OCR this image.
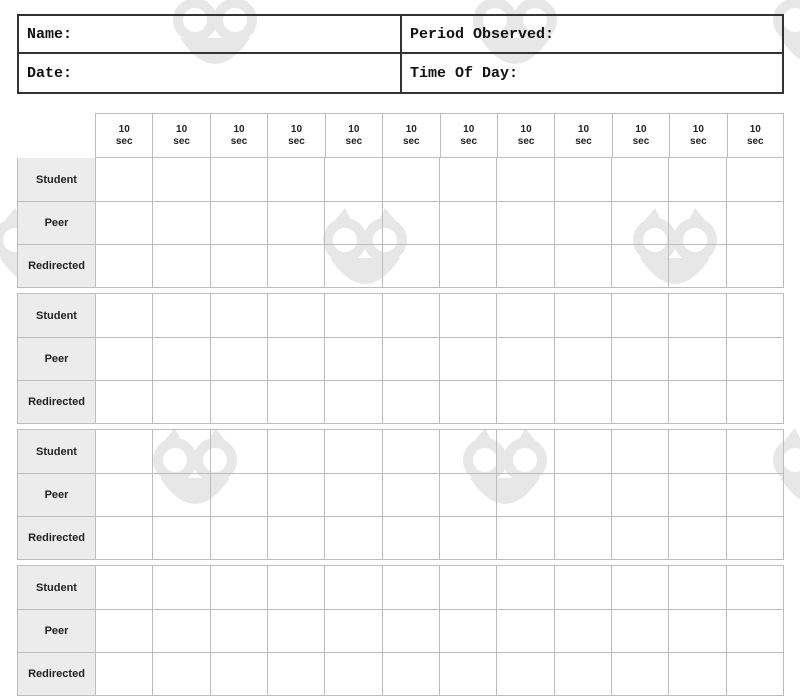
Name:	Period Observed:
Date:	Time Of Day:
10
sec
10
sec
10
sec
10
sec
10
sec
10
sec
10
sec
10
sec
10
sec
10
sec
10
sec
10
sec
Student
Peer
Redirected
Student
Peer
Redirected
Student
Peer
Redirected
Student
Peer
Redirected
